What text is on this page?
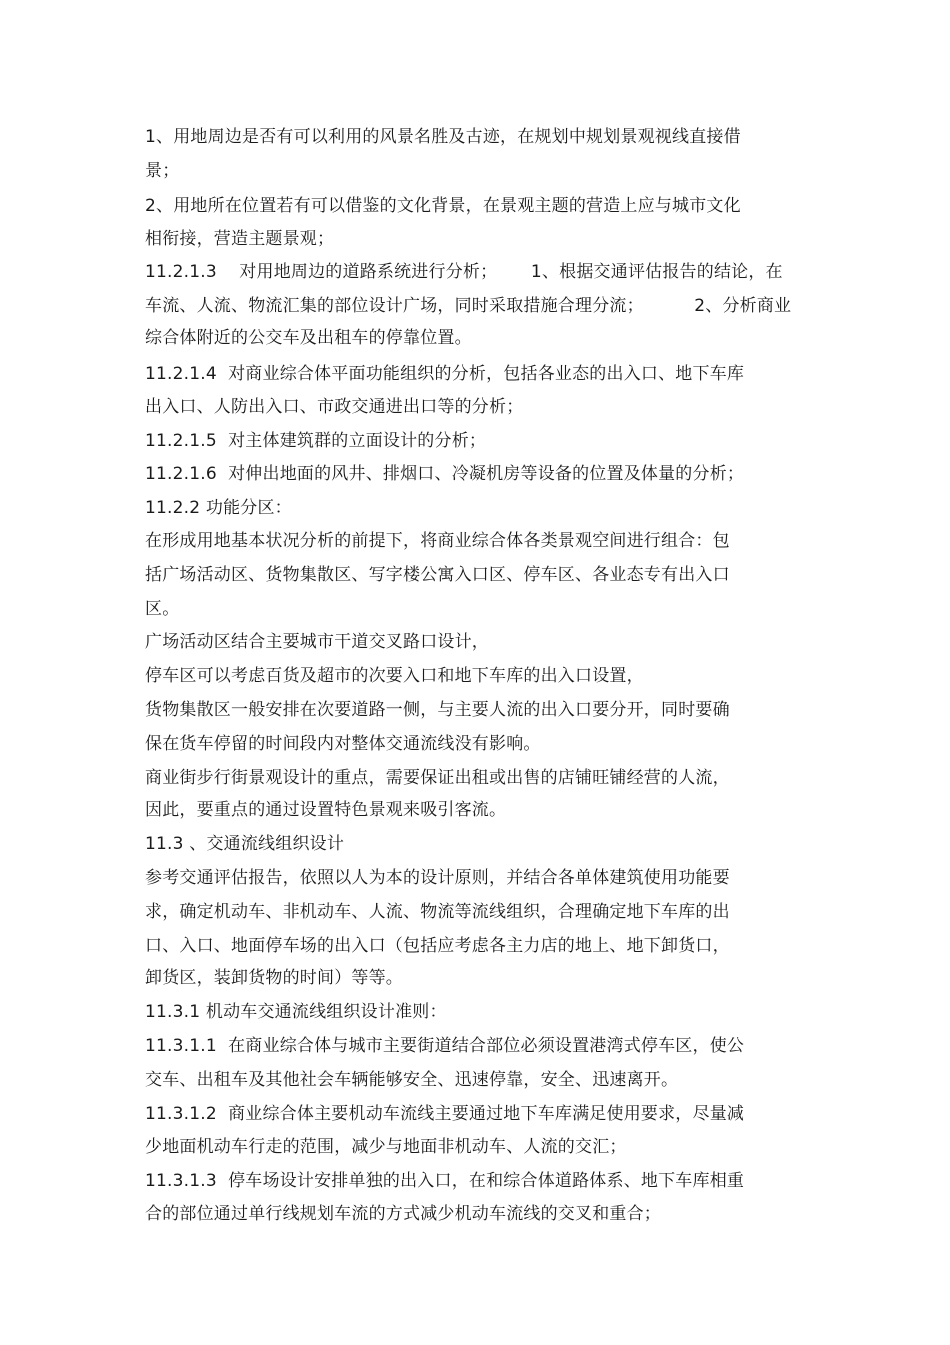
1、用地周边是否有可以利用的风景名胜及古迹，在规划中规划景观视线直接借
景；
2、用地所在位置若有可以借鉴的文化背景，在景观主题的营造上应与城市文化
相衔接，营造主题景观；
11.2.1.3    对用地周边的道路系统进行分析；      1、根据交通评估报告的结论，在
车流、人流、物流汇集的部位设计广场，同时采取措施合理分流；         2、分析商业
综合体附近的公交车及出租车的停靠位置。
11.2.1.4  对商业综合体平面功能组织的分析，包括各业态的出入口、地下车库
出入口、人防出入口、市政交通进出口等的分析；
11.2.1.5  对主体建筑群的立面设计的分析；
11.2.1.6  对伸出地面的风井、排烟口、冷凝机房等设备的位置及体量的分析；
11.2.2 功能分区：
在形成用地基本状况分析的前提下，将商业综合体各类景观空间进行组合：包
括广场活动区、货物集散区、写字楼公寓入口区、停车区、各业态专有出入口
区。
广场活动区结合主要城市干道交叉路口设计，
停车区可以考虑百货及超市的次要入口和地下车库的出入口设置，
货物集散区一般安排在次要道路一侧，与主要人流的出入口要分开，同时要确
保在货车停留的时间段内对整体交通流线没有影响。
商业街步行街景观设计的重点，需要保证出租或出售的店铺旺铺经营的人流，
因此，要重点的通过设置特色景观来吸引客流。
11.3 、交通流线组织设计
参考交通评估报告，依照以人为本的设计原则，并结合各单体建筑使用功能要
求，确定机动车、非机动车、人流、物流等流线组织，合理确定地下车库的出
口、入口、地面停车场的出入口（包括应考虑各主力店的地上、地下卸货口，
卸货区，装卸货物的时间）等等。
11.3.1 机动车交通流线组织设计准则：
11.3.1.1  在商业综合体与城市主要街道结合部位必须设置港湾式停车区，使公
交车、出租车及其他社会车辆能够安全、迅速停靠，安全、迅速离开。
11.3.1.2  商业综合体主要机动车流线主要通过地下车库满足使用要求，尽量减
少地面机动车行走的范围，减少与地面非机动车、人流的交汇；
11.3.1.3  停车场设计安排单独的出入口，在和综合体道路体系、地下车库相重
合的部位通过单行线规划车流的方式减少机动车流线的交叉和重合；
